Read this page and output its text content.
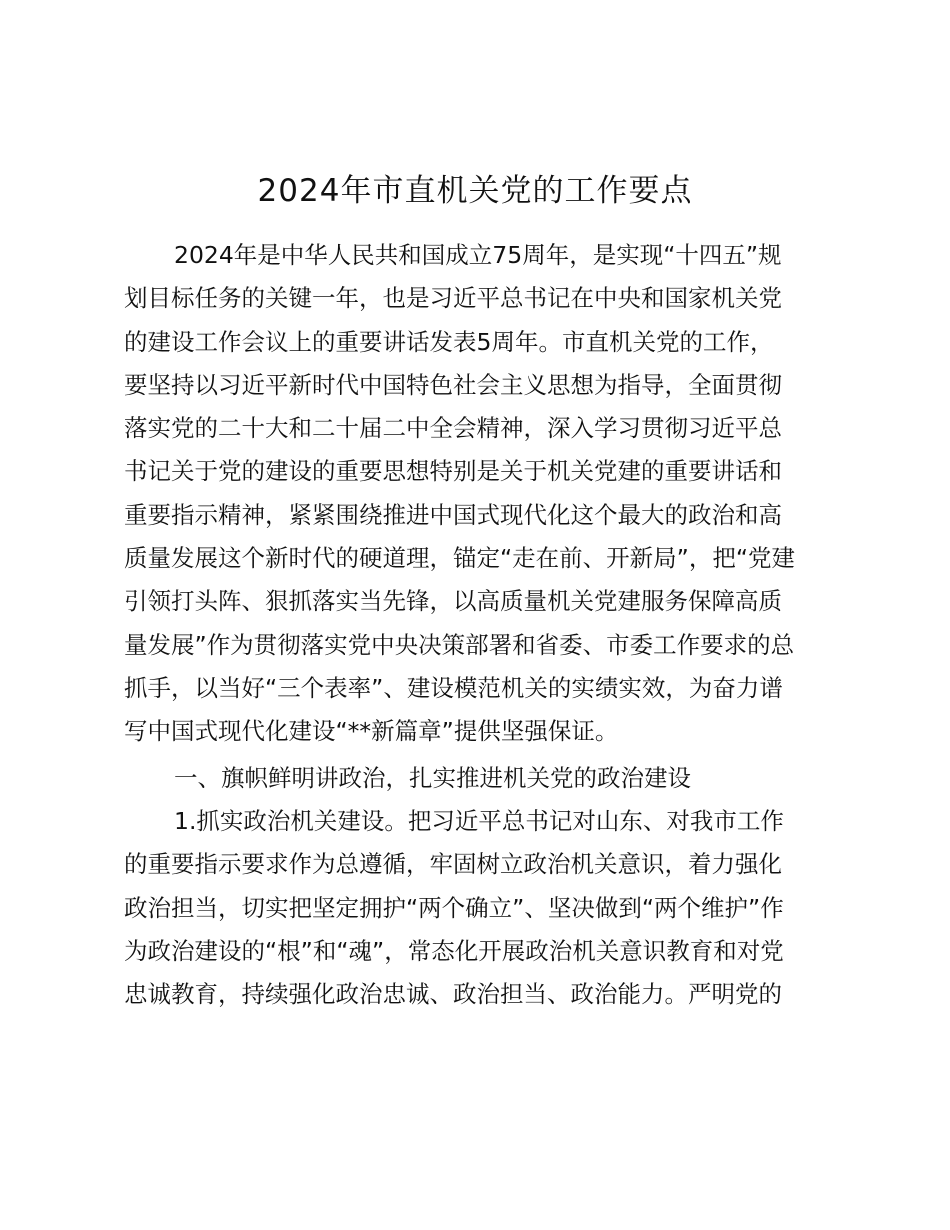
2024年市直机关党的工作要点
2024年是中华人民共和国成立75周年，是实现“十四五”规
划目标任务的关键一年，也是习近平总书记在中央和国家机关党
的建设工作会议上的重要讲话发表5周年。市直机关党的工作，
要坚持以习近平新时代中国特色社会主义思想为指导，全面贯彻
落实党的二十大和二十届二中全会精神，深入学习贯彻习近平总
书记关于党的建设的重要思想特别是关于机关党建的重要讲话和
重要指示精神，紧紧围绕推进中国式现代化这个最大的政治和高
质量发展这个新时代的硬道理，锚定“走在前、开新局”，把“党建
引领打头阵、狠抓落实当先锋，以高质量机关党建服务保障高质
量发展”作为贯彻落实党中央决策部署和省委、市委工作要求的总
抓手，以当好“三个表率”、建设模范机关的实绩实效，为奋力谱
写中国式现代化建设“**新篇章”提供坚强保证。
一、旗帜鲜明讲政治，扎实推进机关党的政治建设
1.抓实政治机关建设。把习近平总书记对山东、对我市工作
的重要指示要求作为总遵循，牢固树立政治机关意识，着力强化
政治担当，切实把坚定拥护“两个确立”、坚决做到“两个维护”作
为政治建设的“根”和“魂”，常态化开展政治机关意识教育和对党
忠诚教育，持续强化政治忠诚、政治担当、政治能力。严明党的
